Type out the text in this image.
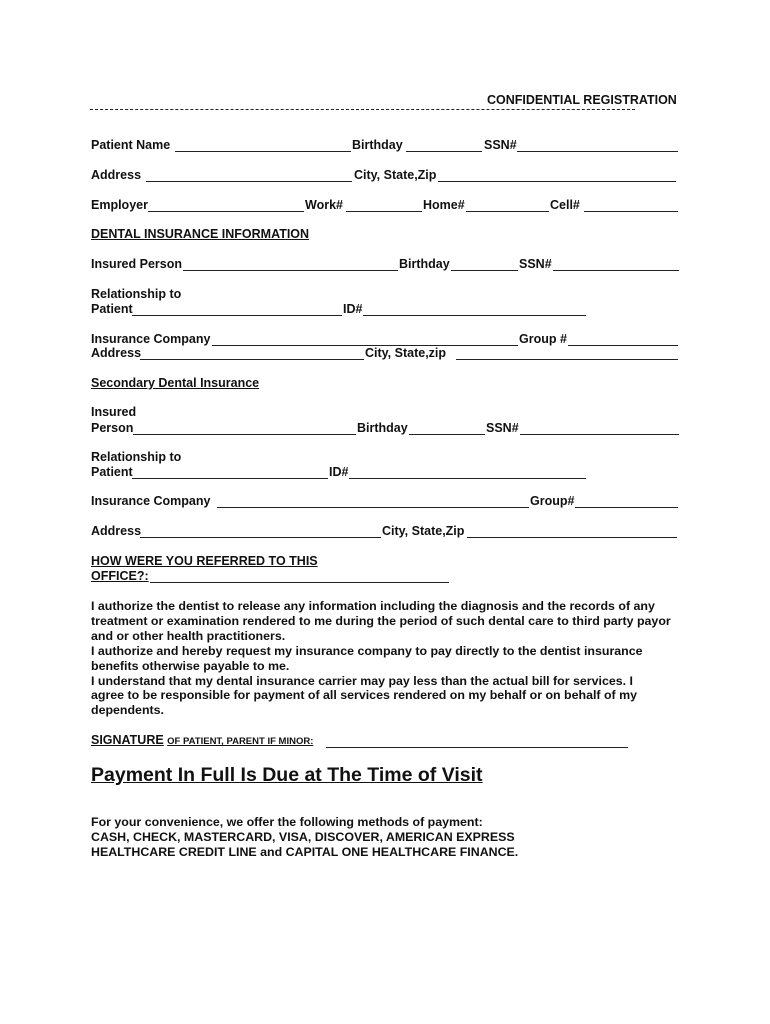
CONFIDENTIAL REGISTRATION
Patient Name	Birthday	SSN#
Address	City, State,Zip
Employer	Work#	Home#	Cell#
DENTAL INSURANCE INFORMATION
Insured Person	Birthday	SSN#
Relationship to
Patient	ID#
Insurance Company	Group #
Address	City, State,zip
Secondary Dental Insurance
Insured
Person	Birthday	SSN#
Relationship to
Patient	ID#
Insurance Company	Group#
Address	City, State,Zip
HOW WERE YOU REFERRED TO THIS
OFFICE?:
I authorize the dentist to release any information including the diagnosis and the records of any
treatment or examination rendered to me during the period of such dental care to third party payor
and or other health practitioners.
I authorize and hereby request my insurance company to pay directly to the dentist insurance
benefits otherwise payable to me.
I understand that my dental insurance carrier may pay less than the actual bill for services. I
agree to be responsible for payment of all services rendered on my behalf or on behalf of my
dependents.
SIGNATURE OF PATIENT, PARENT IF MINOR:
Payment In Full Is Due at The Time of Visit
For your convenience, we offer the following methods of payment:
CASH, CHECK, MASTERCARD, VISA, DISCOVER, AMERICAN EXPRESS
HEALTHCARE CREDIT LINE and CAPITAL ONE HEALTHCARE FINANCE.
